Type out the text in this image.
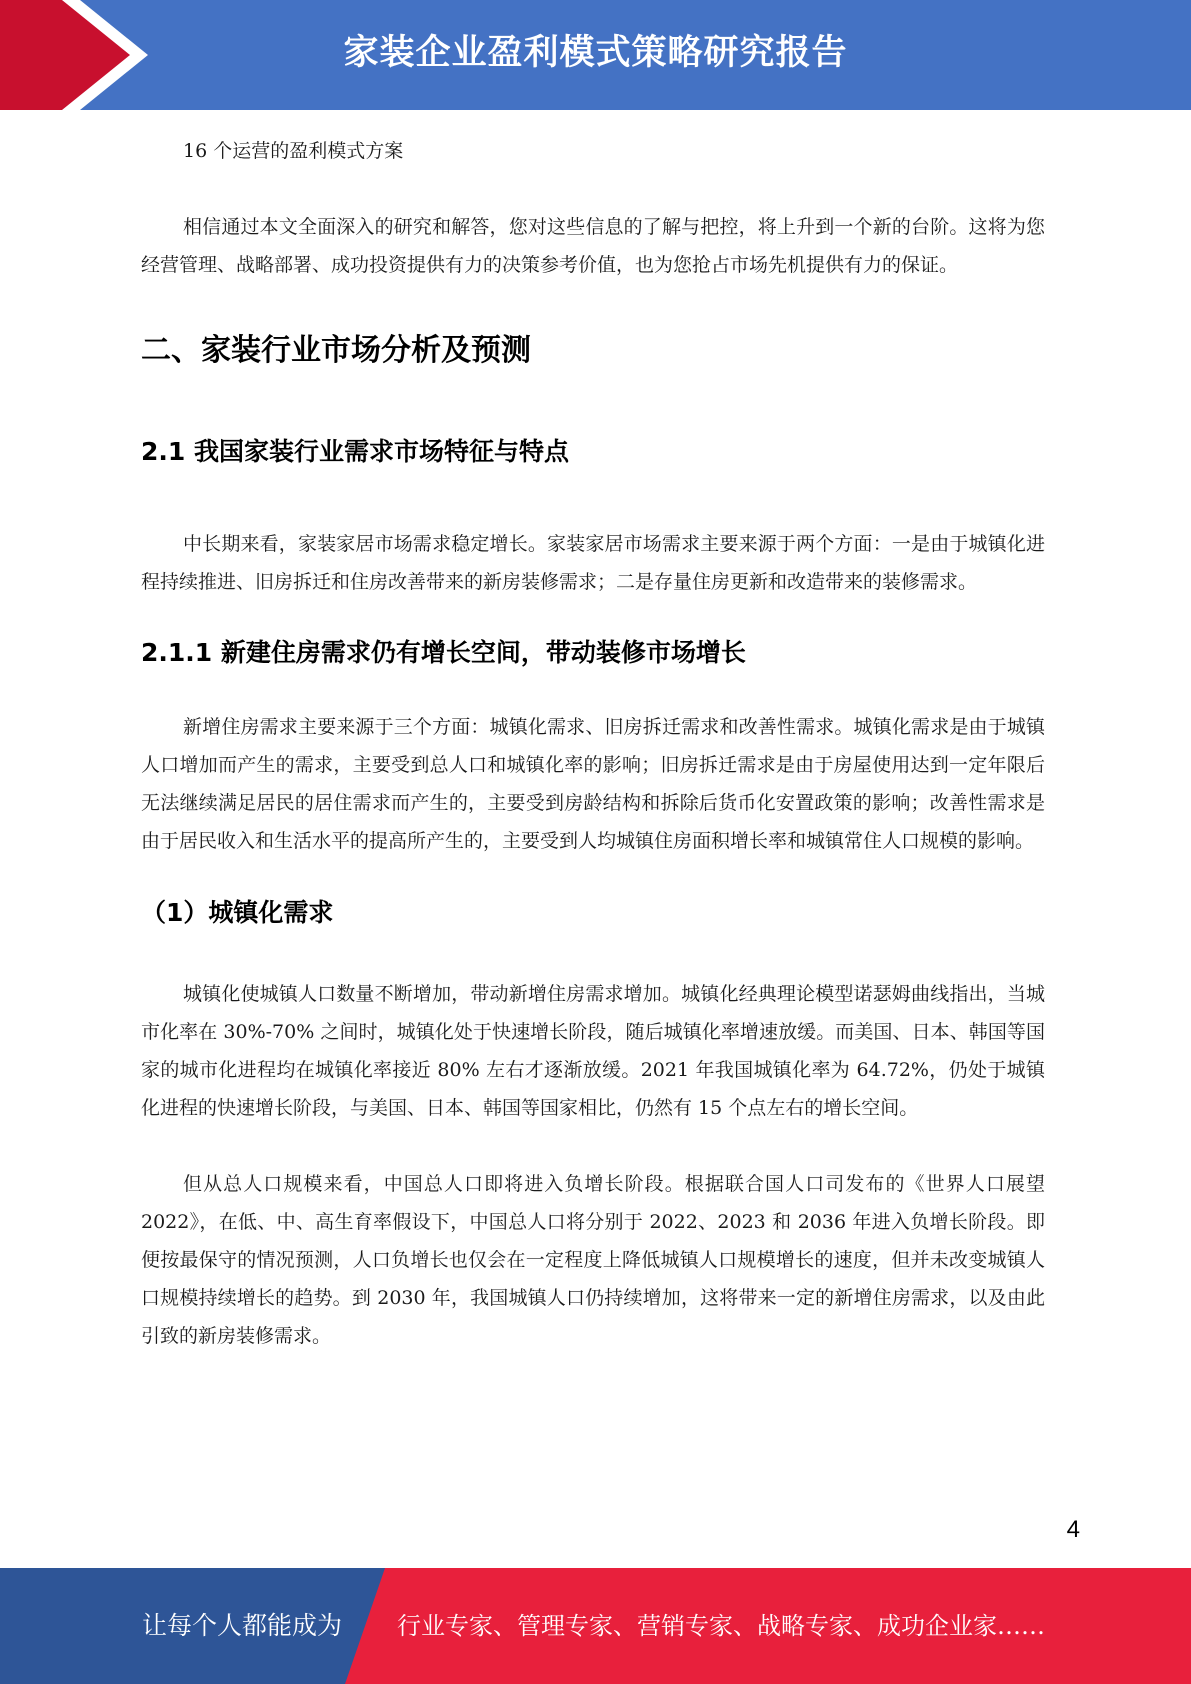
家装企业盈利模式策略研究报告

16 个运营的盈利模式方案

相信通过本文全面深入的研究和解答，您对这些信息的了解与把控，将上升到一个新的台阶。这将为您经营管理、战略部署、成功投资提供有力的决策参考价值，也为您抢占市场先机提供有力的保证。

二、家装行业市场分析及预测
2.1 我国家装行业需求市场特征与特点

中长期来看，家装家居市场需求稳定增长。家装家居市场需求主要来源于两个方面：一是由于城镇化进程持续推进、旧房拆迁和住房改善带来的新房装修需求；二是存量住房更新和改造带来的装修需求。

2.1.1 新建住房需求仍有增长空间，带动装修市场增长

新增住房需求主要来源于三个方面：城镇化需求、旧房拆迁需求和改善性需求。城镇化需求是由于城镇人口增加而产生的需求，主要受到总人口和城镇化率的影响；旧房拆迁需求是由于房屋使用达到一定年限后无法继续满足居民的居住需求而产生的，主要受到房龄结构和拆除后货币化安置政策的影响；改善性需求是由于居民收入和生活水平的提高所产生的，主要受到人均城镇住房面积增长率和城镇常住人口规模的影响。

（1）城镇化需求

城镇化使城镇人口数量不断增加，带动新增住房需求增加。城镇化经典理论模型诺瑟姆曲线指出，当城市化率在 30%-70% 之间时，城镇化处于快速增长阶段，随后城镇化率增速放缓。而美国、日本、韩国等国家的城市化进程均在城镇化率接近 80% 左右才逐渐放缓。2021 年我国城镇化率为 64.72%，仍处于城镇化进程的快速增长阶段，与美国、日本、韩国等国家相比，仍然有 15 个点左右的增长空间。

但从总人口规模来看，中国总人口即将进入负增长阶段。根据联合国人口司发布的《世界人口展望 2022》，在低、中、高生育率假设下，中国总人口将分别于 2022、2023 和 2036 年进入负增长阶段。即便按最保守的情况预测，人口负增长也仅会在一定程度上降低城镇人口规模增长的速度，但并未改变城镇人口规模持续增长的趋势。到 2030 年，我国城镇人口仍持续增加，这将带来一定的新增住房需求，以及由此引致的新房装修需求。

4
让每个人都能成为 行业专家、管理专家、营销专家、战略专家、成功企业家……
